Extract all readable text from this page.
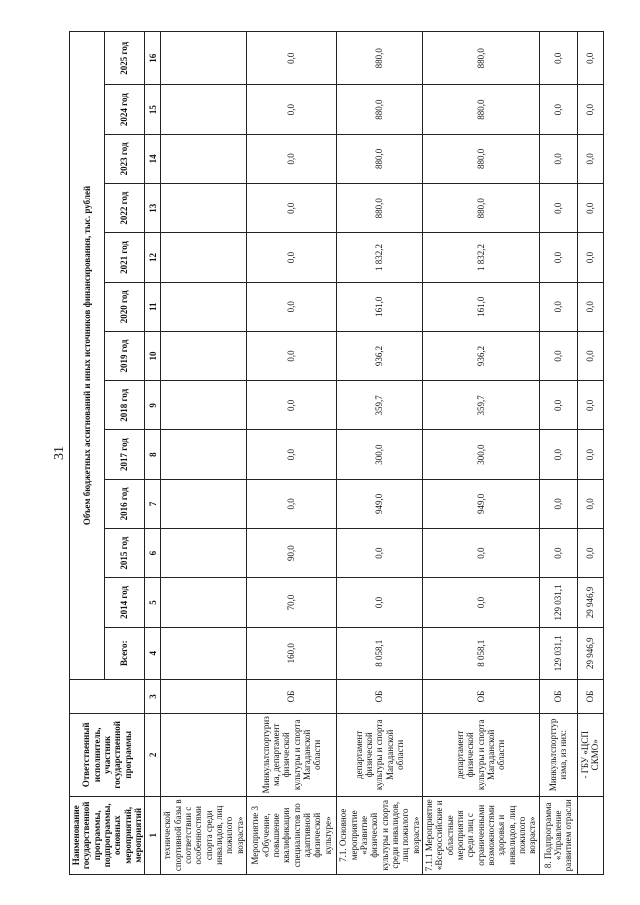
31
Наименование государственной программы, подпрограммы, основных мероприятий, мероприятий	Ответственный исполнитель, участник государственной программы		Объем бюджетных ассигнований и иных источников финансирования, тыс. рублей												
			Всего:	2014 год	2015 год	2016 год	2017 год	2018 год	2019 год	2020 год	2021 год	2022 год	2023 год	2024 год	2025 год
1	2	3	4	5	6	7	8	9	10	11	12	13	14	15	16
технической спортивной базы в соответствии с особенностями спорта среди инвалидов, лиц пожилого возраста»															
Мероприятие 3 «Обучение, повышение квалификации специалистов по адаптивной физической культуре»	Минкультспортуризма, департамент физической культуры и спорта Магаданской области	ОБ	160,0	70,0	90,0	0,0	0,0	0,0	0,0	0,0	0,0	0,0	0,0	0,0	0,0
7.1. Основное мероприятие «Развитие физической культуры и спорта среди инвалидов, лиц пожилого возраста»	департамент физической культуры и спорта Магаданской области	ОБ	8 058,1	0,0	0,0	949,0	300,0	359,7	936,2	161,0	1 832,2	880,0	880,0	880,0	880,0
7.1.1 Мероприятие «Всероссийские и областные мероприятия среди лиц с ограниченными возможностями здоровья и инвалидов, лиц пожилого возраста»	департамент физической культуры и спорта Магаданской области	ОБ	8 058,1	0,0	0,0	949,0	300,0	359,7	936,2	161,0	1 832,2	880,0	880,0	880,0	880,0
8. Подпрограмма «Управление развитием отрасли	Минкультспорттуризма, из них:	ОБ	129 031,1	129 031,1	0,0	0,0	0,0	0,0	0,0	0,0	0,0	0,0	0,0	0,0	0,0
	- ГБУ «ЦСП СКМО»	ОБ	29 946,9	29 946,9	0,0	0,0	0,0	0,0	0,0	0,0	0,0	0,0	0,0	0,0	0,0
